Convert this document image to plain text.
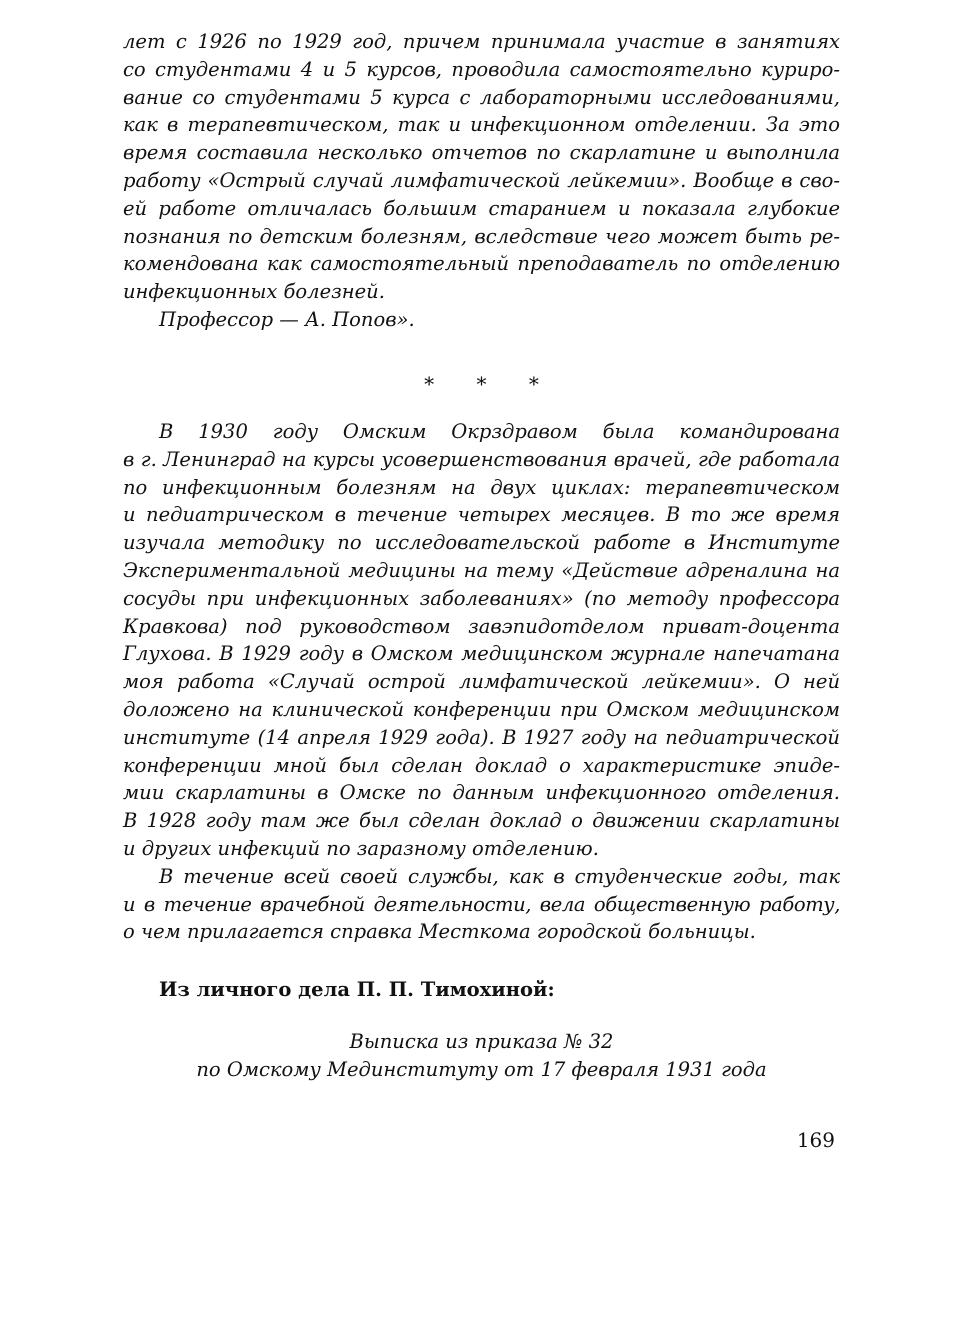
лет с 1926 по 1929 год, причем принимала участие в занятиях
со студентами 4 и 5 курсов, проводила самостоятельно куриро-
вание со студентами 5 курса с лабораторными исследованиями,
как в терапевтическом, так и инфекционном отделении. За это
время составила несколько отчетов по скарлатине и выполнила
работу «Острый случай лимфатической лейкемии». Вообще в сво-
ей работе отличалась большим старанием и показала глубокие
познания по детским болезням, вследствие чего может быть ре-
комендована как самостоятельный преподаватель по отделению
инфекционных болезней.

Профессор — А. Попов».

* * *
В 1930 году Омским Окрздравом была командирована
в г. Ленинград на курсы усовершенствования врачей, где работала
по инфекционным болезням на двух циклах: терапевтическом
и педиатрическом в течение четырех месяцев. В то же время
изучала методику по исследовательской работе в Институте
Экспериментальной медицины на тему «Действие адреналина на
сосуды при инфекционных заболеваниях» (по методу профессора
Кравкова) под руководством завэпидотделом приват-доцента
Глухова. В 1929 году в Омском медицинском журнале напечатана
моя работа «Случай острой лимфатической лейкемии». О ней
доложено на клинической конференции при Омском медицинском
институте (14 апреля 1929 года). В 1927 году на педиатрической
конференции мной был сделан доклад о характеристике эпиде-
мии скарлатины в Омске по данным инфекционного отделения.
В 1928 году там же был сделан доклад о движении скарлатины
и других инфекций по заразному отделению.
В течение всей своей службы, как в студенческие годы, так
и в течение врачебной деятельности, вела общественную работу,
о чем прилагается справка Месткома городской больницы.
Из личного дела П. П. Тимохиной:
Выписка из приказа № 32
по Омскому Мединституту от 17 февраля 1931 года
169
